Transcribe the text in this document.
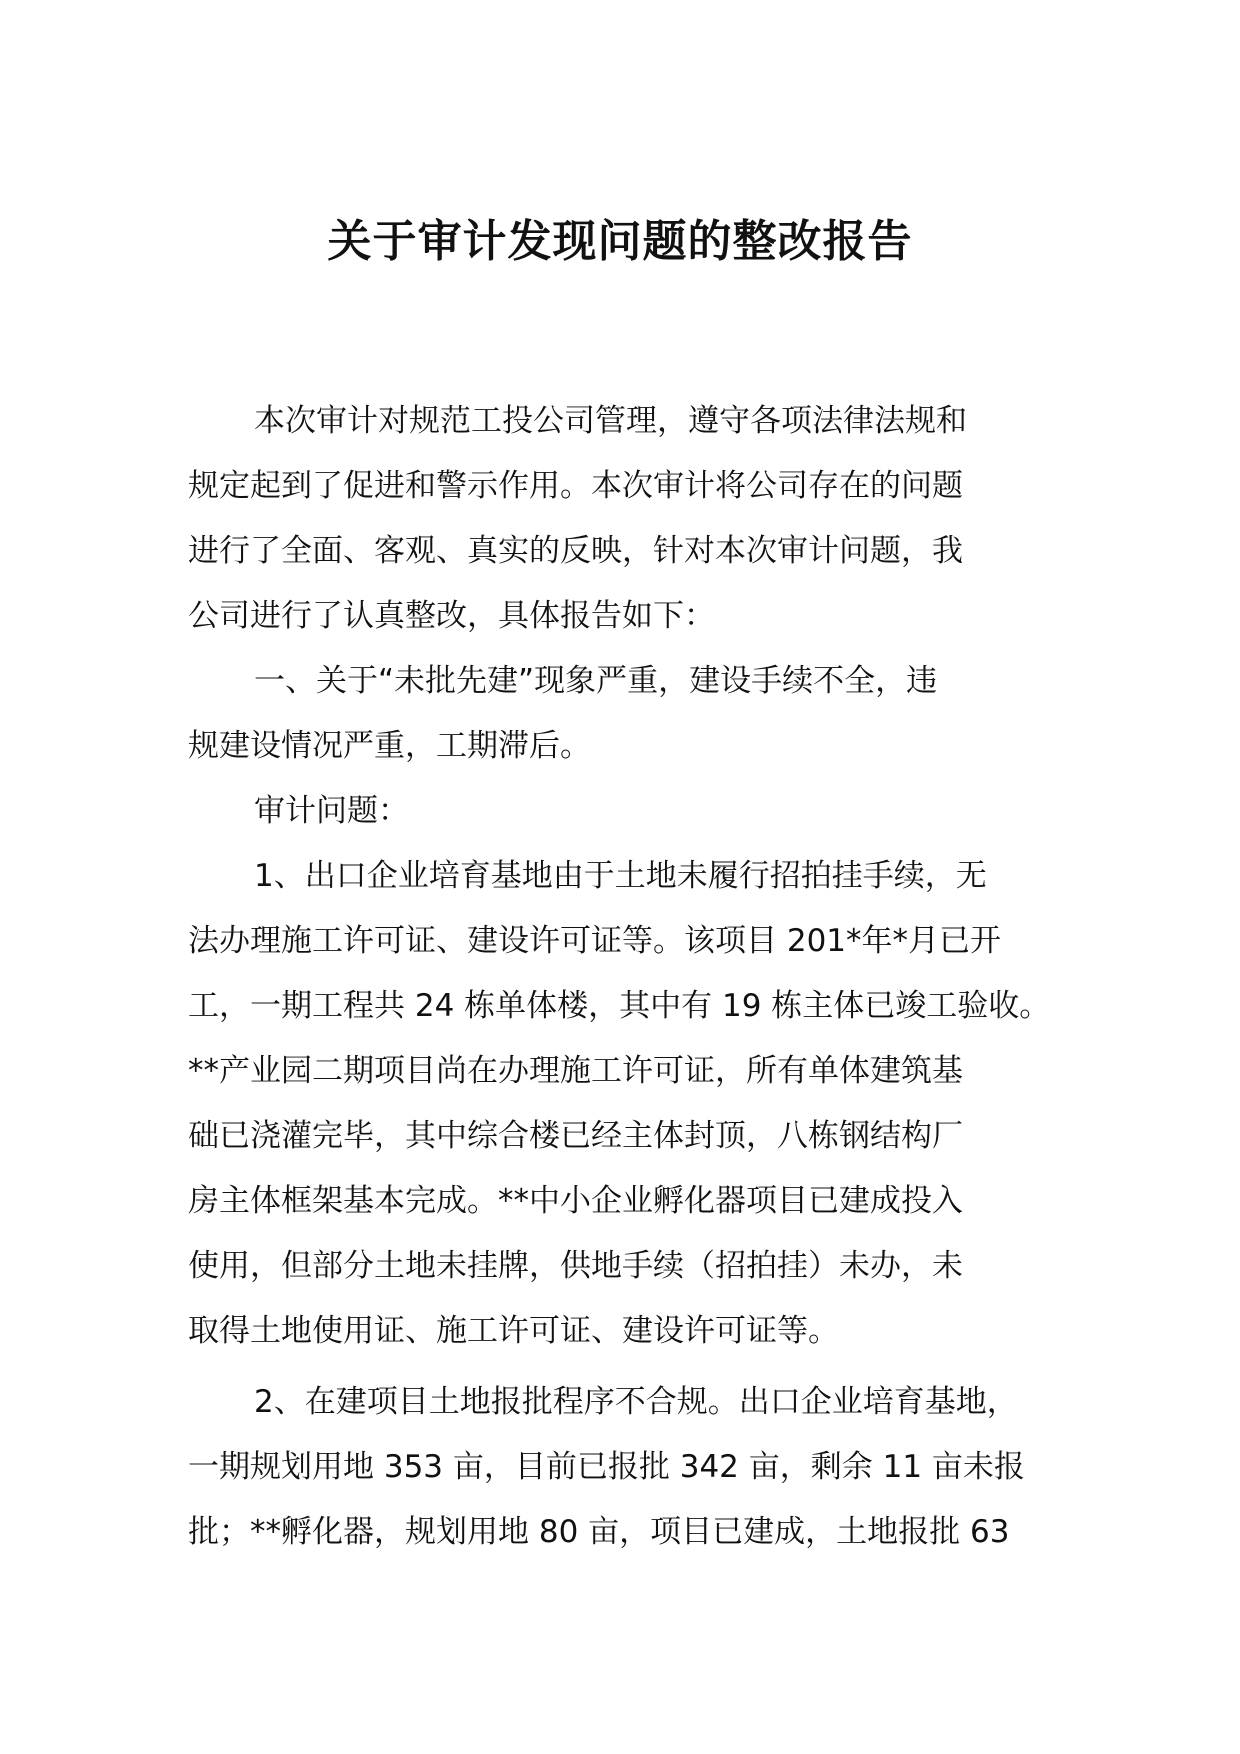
关于审计发现问题的整改报告
本次审计对规范工投公司管理，遵守各项法律法规和
规定起到了促进和警示作用。本次审计将公司存在的问题
进行了全面、客观、真实的反映，针对本次审计问题，我
公司进行了认真整改，具体报告如下：
一、关于“未批先建”现象严重，建设手续不全，违
规建设情况严重，工期滞后。
审计问题：
1、出口企业培育基地由于土地未履行招拍挂手续，无
法办理施工许可证、建设许可证等。该项目 201*年*月已开
工，一期工程共 24 栋单体楼，其中有 19 栋主体已竣工验收。
**产业园二期项目尚在办理施工许可证，所有单体建筑基
础已浇灌完毕，其中综合楼已经主体封顶，八栋钢结构厂
房主体框架基本完成。**中小企业孵化器项目已建成投入
使用，但部分土地未挂牌，供地手续（招拍挂）未办，未
取得土地使用证、施工许可证、建设许可证等。
2、在建项目土地报批程序不合规。出口企业培育基地，
一期规划用地 353 亩，目前已报批 342 亩，剩余 11 亩未报
批；**孵化器，规划用地 80 亩，项目已建成，土地报批 63
